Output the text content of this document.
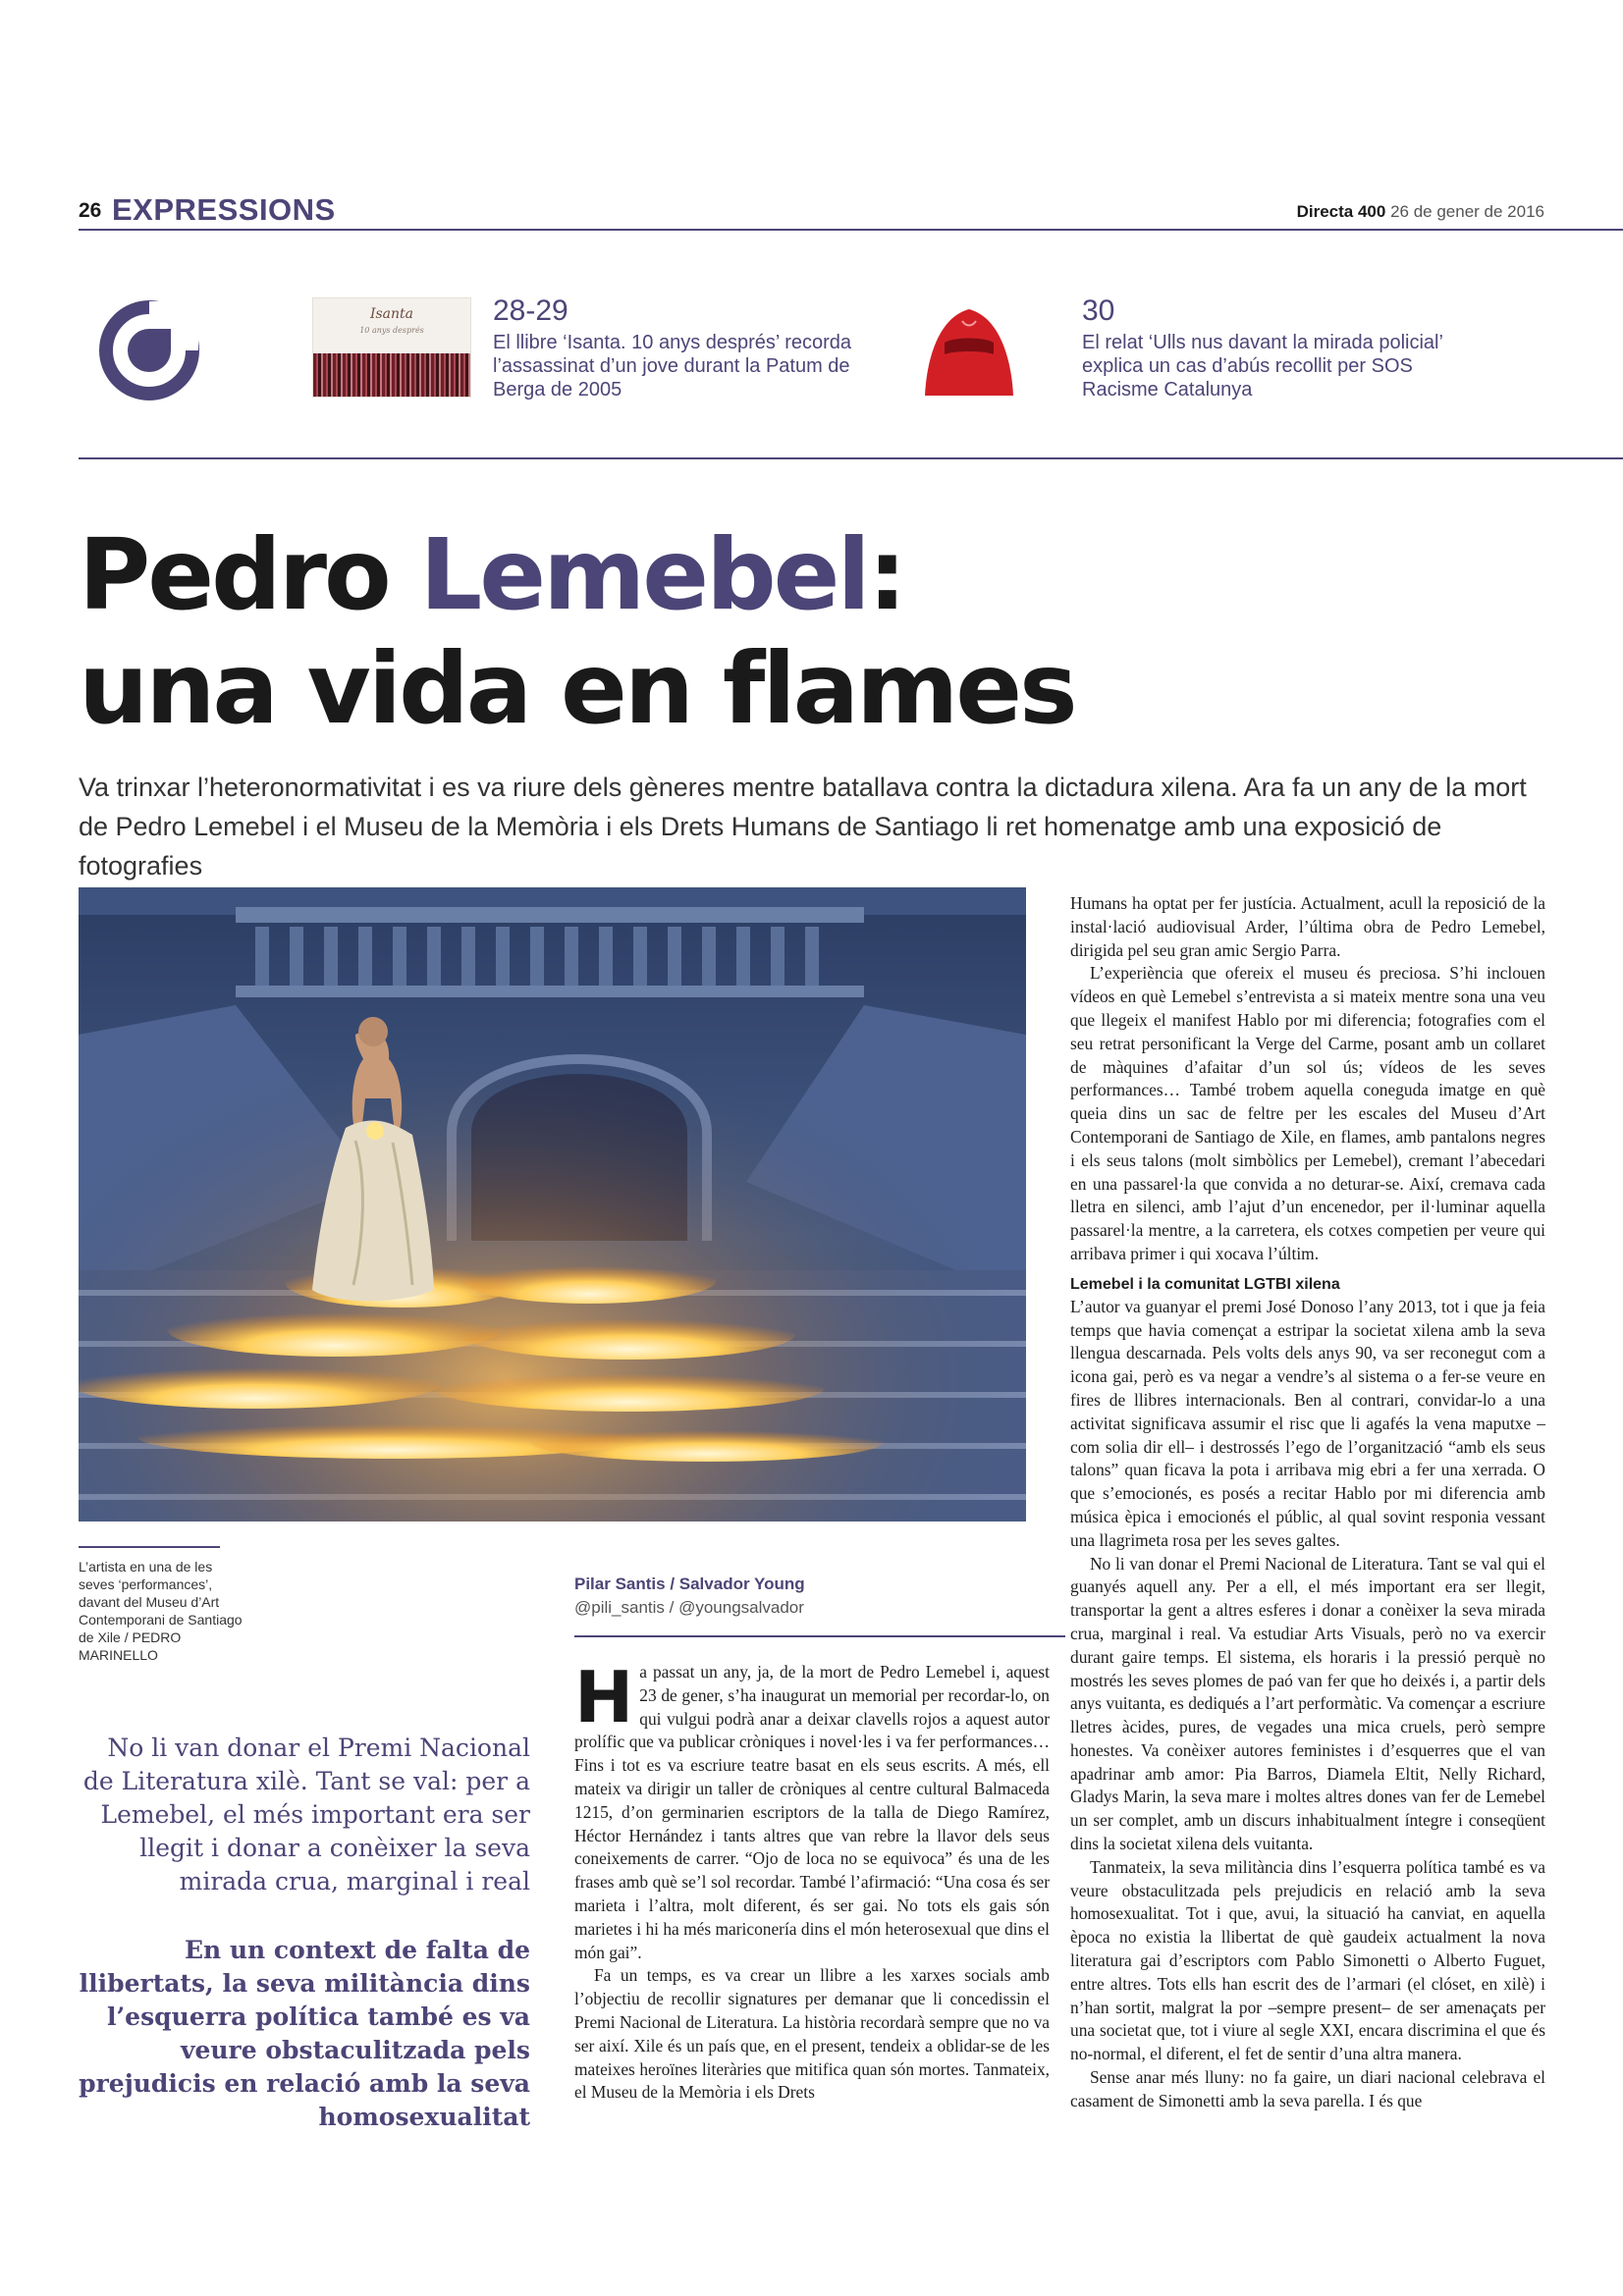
26 EXPRESSIONS	Directa 400 26 de gener de 2016
Isanta
10 anys després
28-29
El llibre ‘Isanta. 10 anys després’ recorda l’assassinat d’un jove durant la Patum de Berga de 2005
30
El relat ‘Ulls nus davant la mirada policial’ explica un cas d’abús recollit per SOS Racisme Catalunya
Pedro Lemebel:
una vida en flames
Va trinxar l’heteronormativitat i es va riure dels gèneres mentre batallava contra la dictadura xilena. Ara fa un any de la mort de Pedro Lemebel i el Museu de la Memòria i els Drets Humans de Santiago li ret homenatge amb una exposició de fotografies
L’artista en una de les seves ‘performances’, davant del Museu d’Art Contemporani de Santiago de Xile / PEDRO MARINELLO
Pilar Santis / Salvador Young
@pili_santis / @youngsalvador
No li van donar el Premi Nacional de Literatura xilè. Tant se val: per a Lemebel, el més important era ser llegit i donar a conèixer la seva mirada crua, marginal i real
En un context de falta de llibertats, la seva militància dins l’esquerra política també es va veure obstaculitzada pels prejudicis en relació amb la seva homosexualitat

Ha passat un any, ja, de la mort de Pedro Lemebel i, aquest 23 de gener, s’ha inaugurat un memorial per recordar-lo, on qui vulgui podrà anar a deixar clavells rojos a aquest autor prolífic que va publicar cròniques i novel·les i va fer performances… Fins i tot es va escriure teatre basat en els seus escrits. A més, ell mateix va dirigir un taller de cròniques al centre cultural Balmaceda 1215, d’on germinarien escriptors de la talla de Diego Ramírez, Héctor Hernández i tants altres que van rebre la llavor dels seus coneixements de carrer. “Ojo de loca no se equivoca” és una de les frases amb què se’l sol recordar. També l’afirmació: “Una cosa és ser marieta i l’altra, molt diferent, és ser gai. No tots els gais són marietes i hi ha més mariconería dins el món heterosexual que dins el món gai”.

Fa un temps, es va crear un llibre a les xarxes socials amb l’objectiu de recollir signatures per demanar que li concedissin el Premi Nacional de Literatura. La història recordarà sempre que no va ser així. Xile és un país que, en el present, tendeix a oblidar-se de les mateixes heroïnes literàries que mitifica quan són mortes. Tanmateix, el Museu de la Memòria i els Drets

Humans ha optat per fer justícia. Actualment, acull la reposició de la instal·lació audiovisual Arder, l’última obra de Pedro Lemebel, dirigida pel seu gran amic Sergio Parra.

L’experiència que ofereix el museu és preciosa. S’hi inclouen vídeos en què Lemebel s’entrevista a si mateix mentre sona una veu que llegeix el manifest Hablo por mi diferencia; fotografies com el seu retrat personificant la Verge del Carme, posant amb un collaret de màquines d’afaitar d’un sol ús; vídeos de les seves performances… També trobem aquella coneguda imatge en què queia dins un sac de feltre per les escales del Museu d’Art Contemporani de Santiago de Xile, en flames, amb pantalons negres i els seus talons (molt simbòlics per Lemebel), cremant l’abecedari en una passarel·la que convida a no deturar-se. Així, cremava cada lletra en silenci, amb l’ajut d’un encenedor, per il·luminar aquella passarel·la mentre, a la carretera, els cotxes competien per veure qui arribava primer i qui xocava l’últim.

Lemebel i la comunitat LGTBI xilena

L’autor va guanyar el premi José Donoso l’any 2013, tot i que ja feia temps que havia començat a estripar la societat xilena amb la seva llengua descarnada. Pels volts dels anys 90, va ser reconegut com a icona gai, però es va negar a vendre’s al sistema o a fer-se veure en fires de llibres internacionals. Ben al contrari, convidar-lo a una activitat significava assumir el risc que li agafés la vena maputxe –com solia dir ell– i destrossés l’ego de l’organització “amb els seus talons” quan ficava la pota i arribava mig ebri a fer una xerrada. O que s’emocionés, es posés a recitar Hablo por mi diferencia amb música èpica i emocionés el públic, al qual sovint responia vessant una llagrimeta rosa per les seves galtes.

No li van donar el Premi Nacional de Literatura. Tant se val qui el guanyés aquell any. Per a ell, el més important era ser llegit, transportar la gent a altres esferes i donar a conèixer la seva mirada crua, marginal i real. Va estudiar Arts Visuals, però no va exercir durant gaire temps. El sistema, els horaris i la pressió perquè no mostrés les seves plomes de paó van fer que ho deixés i, a partir dels anys vuitanta, es dediqués a l’art performàtic. Va començar a escriure lletres àcides, pures, de vegades una mica cruels, però sempre honestes. Va conèixer autores feministes i d’esquerres que el van apadrinar amb amor: Pia Barros, Diamela Eltit, Nelly Richard, Gladys Marin, la seva mare i moltes altres dones van fer de Lemebel un ser complet, amb un discurs inhabitualment íntegre i conseqüent dins la societat xilena dels vuitanta.

Tanmateix, la seva militància dins l’esquerra política també es va veure obstaculitzada pels prejudicis en relació amb la seva homosexualitat. Tot i que, avui, la situació ha canviat, en aquella època no existia la llibertat de què gaudeix actualment la nova literatura gai d’escriptors com Pablo Simonetti o Alberto Fuguet, entre altres. Tots ells han escrit des de l’armari (el clóset, en xilè) i n’han sortit, malgrat la por –sempre present– de ser amenaçats per una societat que, tot i viure al segle XXI, encara discrimina el que és no-normal, el diferent, el fet de sentir d’una altra manera.

Sense anar més lluny: no fa gaire, un diari nacional celebrava el casament de Simonetti amb la seva parella. I és que
